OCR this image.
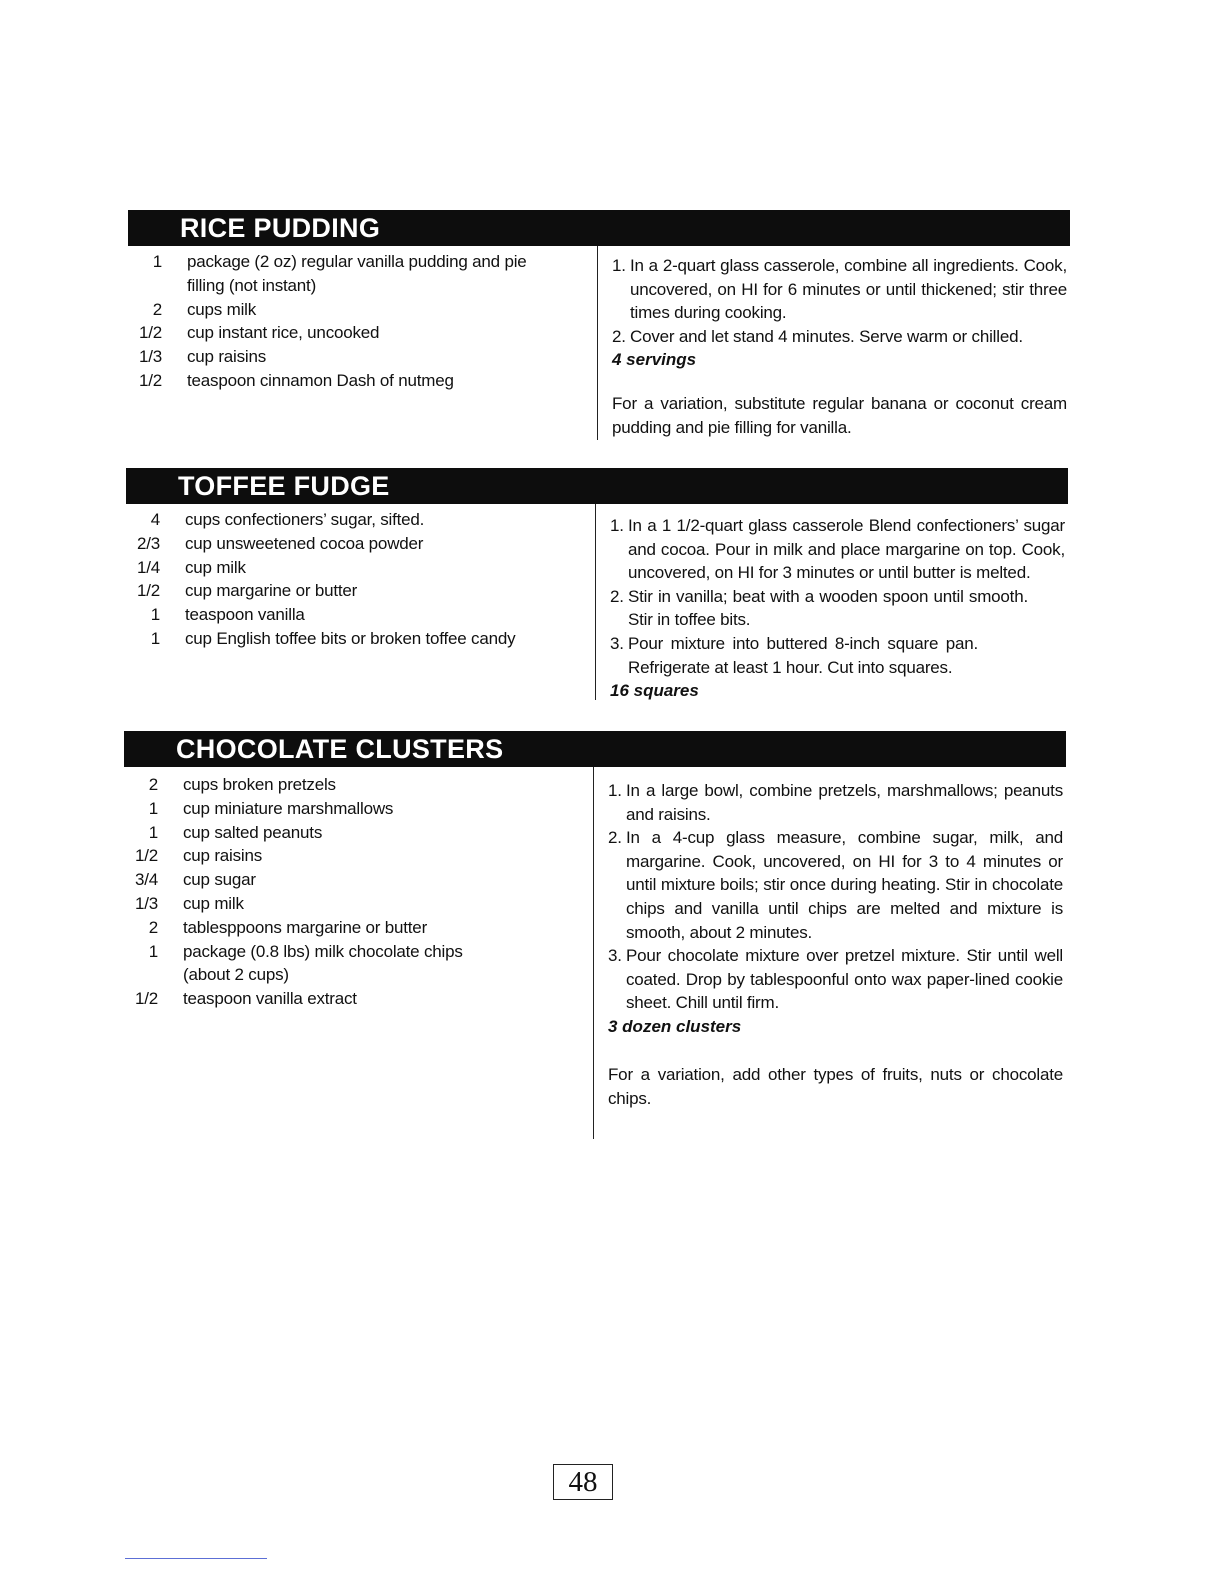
RICE PUDDING
1 package (2 oz) regular vanilla pudding and pie filling (not instant)
2 cups milk
1/2 cup instant rice, uncooked
1/3 cup raisins
1/2 teaspoon cinnamon Dash of nutmeg
1. In a 2-quart glass casserole, combine all ingredients. Cook, uncovered, on HI for 6 minutes or until thickened; stir three times during cooking.
2. Cover and let stand 4 minutes. Serve warm or chilled.
4 servings
For a variation, substitute regular banana or coconut cream pudding and pie filling for vanilla.
TOFFEE FUDGE
4 cups confectioners’ sugar, sifted.
2/3 cup unsweetened cocoa powder
1/4 cup milk
1/2 cup margarine or butter
1 teaspoon vanilla
1 cup English toffee bits or broken toffee candy
1. In a 1 1/2-quart glass casserole Blend confectioners’ sugar and cocoa. Pour in milk and place margarine on top. Cook, uncovered, on HI for 3 minutes or until butter is melted.
2. Stir in vanilla; beat with a wooden spoon until smooth. Stir in toffee bits.
3. Pour mixture into buttered 8-inch square pan. Refrigerate at least 1 hour. Cut into squares.
16 squares
CHOCOLATE CLUSTERS
2 cups broken pretzels
1 cup miniature marshmallows
1 cup salted peanuts
1/2 cup raisins
3/4 cup sugar
1/3 cup milk
2 tablesppoons margarine or butter
1 package (0.8 lbs) milk chocolate chips (about 2 cups)
1/2 teaspoon vanilla extract
1. In a large bowl, combine pretzels, marshmallows; peanuts and raisins.
2. In a 4-cup glass measure, combine sugar, milk, and margarine. Cook, uncovered, on HI for 3 to 4 minutes or until mixture boils; stir once during heating. Stir in chocolate chips and vanilla until chips are melted and mixture is smooth, about 2 minutes.
3. Pour chocolate mixture over pretzel mixture. Stir until well coated. Drop by tablespoonful onto wax paper-lined cookie sheet. Chill until firm.
3 dozen clusters
For a variation, add other types of fruits, nuts or chocolate chips.
48
